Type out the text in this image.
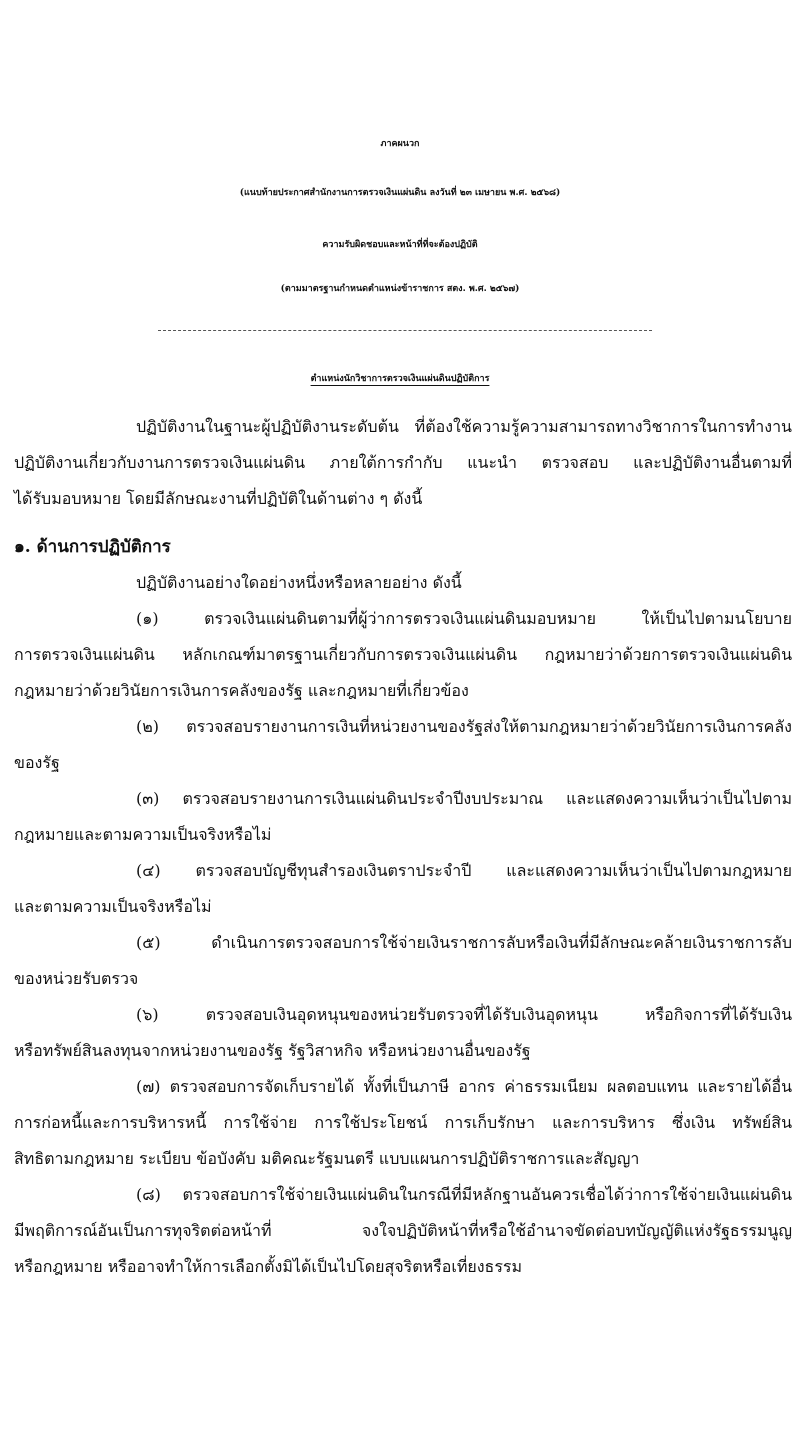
ภาคผนวก
(แนบท้ายประกาศสำนักงานการตรวจเงินแผ่นดิน ลงวันที่ ๒๓ เมษายน พ.ศ. ๒๕๖๘)
ความรับผิดชอบและหน้าที่ที่จะต้องปฏิบัติ
(ตามมาตรฐานกำหนดตำแหน่งข้าราชการ สตง. พ.ศ. ๒๕๖๗)
ตำแหน่งนักวิชาการตรวจเงินแผ่นดินปฏิบัติการ
ปฏิบัติงานในฐานะผู้ปฏิบัติงานระดับต้น ที่ต้องใช้ความรู้ความสามารถทางวิชาการในการทำงาน
ปฏิบัติงานเกี่ยวกับงานการตรวจเงินแผ่นดิน ภายใต้การกำกับ แนะนำ ตรวจสอบ และปฏิบัติงานอื่นตามที่
ได้รับมอบหมาย โดยมีลักษณะงานที่ปฏิบัติในด้านต่าง ๆ ดังนี้
๑. ด้านการปฏิบัติการ
ปฏิบัติงานอย่างใดอย่างหนึ่งหรือหลายอย่าง ดังนี้
(๑) ตรวจเงินแผ่นดินตามที่ผู้ว่าการตรวจเงินแผ่นดินมอบหมาย ให้เป็นไปตามนโยบาย
การตรวจเงินแผ่นดิน หลักเกณฑ์มาตรฐานเกี่ยวกับการตรวจเงินแผ่นดิน กฎหมายว่าด้วยการตรวจเงินแผ่นดิน
กฎหมายว่าด้วยวินัยการเงินการคลังของรัฐ และกฎหมายที่เกี่ยวข้อง
(๒) ตรวจสอบรายงานการเงินที่หน่วยงานของรัฐส่งให้ตามกฎหมายว่าด้วยวินัยการเงินการคลัง
ของรัฐ
(๓) ตรวจสอบรายงานการเงินแผ่นดินประจำปีงบประมาณ และแสดงความเห็นว่าเป็นไปตาม
กฎหมายและตามความเป็นจริงหรือไม่
(๔) ตรวจสอบบัญชีทุนสำรองเงินตราประจำปี และแสดงความเห็นว่าเป็นไปตามกฎหมาย
และตามความเป็นจริงหรือไม่
(๕) ดำเนินการตรวจสอบการใช้จ่ายเงินราชการลับหรือเงินที่มีลักษณะคล้ายเงินราชการลับ
ของหน่วยรับตรวจ
(๖) ตรวจสอบเงินอุดหนุนของหน่วยรับตรวจที่ได้รับเงินอุดหนุน หรือกิจการที่ได้รับเงิน
หรือทรัพย์สินลงทุนจากหน่วยงานของรัฐ รัฐวิสาหกิจ หรือหน่วยงานอื่นของรัฐ
(๗) ตรวจสอบการจัดเก็บรายได้ ทั้งที่เป็นภาษี อากร ค่าธรรมเนียม ผลตอบแทน และรายได้อื่น
การก่อหนี้และการบริหารหนี้ การใช้จ่าย การใช้ประโยชน์ การเก็บรักษา และการบริหาร ซึ่งเงิน ทรัพย์สิน
สิทธิตามกฎหมาย ระเบียบ ข้อบังคับ มติคณะรัฐมนตรี แบบแผนการปฏิบัติราชการและสัญญา
(๘) ตรวจสอบการใช้จ่ายเงินแผ่นดินในกรณีที่มีหลักฐานอันควรเชื่อได้ว่าการใช้จ่ายเงินแผ่นดิน
มีพฤติการณ์อันเป็นการทุจริตต่อหน้าที่ จงใจปฏิบัติหน้าที่หรือใช้อำนาจขัดต่อบทบัญญัติแห่งรัฐธรรมนูญ
หรือกฎหมาย หรืออาจทำให้การเลือกตั้งมิได้เป็นไปโดยสุจริตหรือเที่ยงธรรม
